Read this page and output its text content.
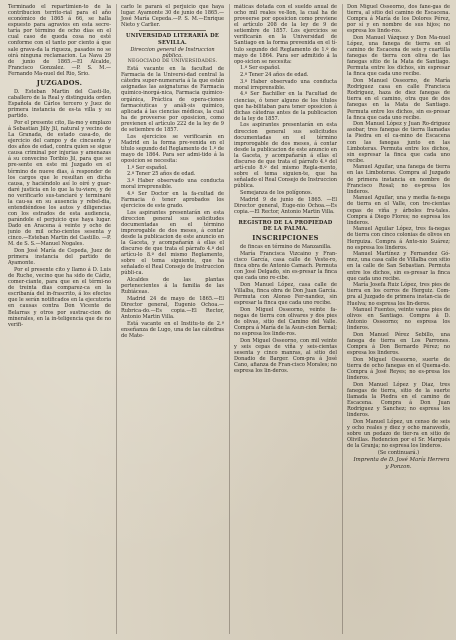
Terminado el repartimien-to de la contribucion territo-rial para el año económico de 1865 á 66, se halla espuesto para agravios en esta secre-taría por término de ocho dias en el cual caso de queda cosa no esté conforme con el tanto por ciento á que sale grava-da la riqueza, pasados no se oirá ninguna reclamacion. La Nava 29 de junio de 1865.—El Alcalde, Francisco Gonzalez. —P. S. M.—Fernando Ma-nuel del Rio, Srio.

JUZGADOS.

D. Esteban Martin del Casti-llo, caballero de la Real y distinguida orden Española de Cárlos tercero y Juez de primera instancia de es-ta villa y su partido.

Por el presente cito, lla-mo y emplazo á Sebastian Jilly Jil, natural y vecino de La Granada, de estado casa-do, de ejercicio del campo y de cincuenta y dos años de edad, contra quien se sigue causa criminal por injurias y amenazas á su convecino Toribio Jil, para que se pre-sente en este mi Juzgado en el término de nueve dias, á responder de los cargos que le resultan en dicha causa, y haciéndolo así lo oiré y guar-daré justicia en lo que la tu-viere, y de no verificarlo sus-tanciaré y terminaré la cau-sa en su ausencia y rebel-dia, entendiéndose los autos y diligencias con los estrados de esta audiencia, parándole el perjuicio que haya lugar. Dado en Aracena á veinte y ocho de junio de mil ocho-cientos sesenta y cinco.—Esteban Martin del Castillo. —P. M. de S. S.—Manuel Nogales.

Don José María de Cepeda, Juez de primera instancia del partido de Ayamonte.

Por el presente cito y llamo á D. Luis de Ruche, vecino que ha sido de Cádiz, comer-ciante, para que en el térmi-no de treinta dias comparez-ca en la escribanía del in-frascrito, á los efectos que le serán notificados en la ejecutoria en causas contra Don Vicente de Belarras y otros por sustrac-cion de minerales, en la in-teligencia que de no verifi-

carlo le parará el perjuicio que haya lugar. Ayamonte 30 de junio de 1865.—José María Cepeda.—P. S. M.—Enrique Nieto y Carlier.

UNIVERSIDAD LITERARIA DE SEVILLA.

Direccion general de Instruccion pública.

NEGOCIADO DE UNIVERSIDADES.

Está vacante en la facultad de Farmacia de la Universi-dad central la cátedra super-numeraria á la que están asignadas las asignaturas de Farmacia químico-inorgá-nica, Farmacia químico-orgánica, Práctica de opera-ciones farmacéuticas y análi-sis químico, aplicada á las ciencias médicas, la cual ha de proveerse por oposicion, como previenen el artículo 222 de la ley de 9 de setiembre de 1857.

Los ejercicios se verificarán en Madrid en la forma pre-venida en el título segundo del Reglamento de 1.º de mayo de 1864. Para ser admi-tido á la oposicion se necesita:

1.º Ser español.

2.º Tener 25 años de edad.

3.º Haber observado una conducta moral irreprensible.

4.º Ser Doctor en la fa-cultad de Farmacia ó tener aprobados los ejercicios de este grado.

Los aspirantes presentarán en esta direccion general sus solicitudes documentadas en el término improrogable de dos meses, á contar desde la publicacion de este anuncio en la Gaceta, y acompañarán á ellas el discurso de que trata el párrafo 4.º del artícu-lo 8.º del mismo Reglamento, sobre el tema siguiente, que ha señalado el Real Consejo de Instruccion públi-ca.

Alcaldes de las plantas pertenecientes á la familia de las Rubiáceas.

Madrid 24 de mayo de 1865.—El Director general, Eugenio Ochoa.—Rubrica-do.—Es copia.—El Rector, Antonio Martin Villa.

Está vacante en el Institu-to de 2.ª enseñanza de Lugo, una de las cátedras de Mate-

máticas dotada con el sueldo anual de ocho mil reales ve-llon, la cual ha de proveerse por oposicion como previene el artículo 208 de la ley de 9 de setiembre de 1857. Los ejercicios se verificarán en la Universidad de Santiago en la forma prevenida en el tí-tulo segundo del Reglamento de 1.º de mayo de 1864. Para ser admitido á la opo-sicion se necesita:

1.º Ser español.

2.º Tener 24 años de edad.

3.º Haber observado una conducta moral irreprensible.

4.º Ser Bachiller en la Facultad de ciencias, ó tener alguno de los títulos que ha-bilitaban para tener oposicion á dichas cátedras antes de la publicacion de la ley de 1857.

Los aspirantes presentarán en esta direccion general sus solicitudes documentadas en el término improrogable de dos meses, á contar desde la publicacion de este anuncio en la Gaceta, y acompañarán á ellas el discurso de que trata el párrafo 4.º del artí-culo 8.º del mismo Regla-mento, sobre el tema siguien-te, que ha señalado el Real Consejo de Instruccion pública.

Semejanza de los polígonos.

Madrid 9 de junio de 1865. —El Director general, Euge-nio Ochoa.—Es copia.—El Rector, Antonio Martin Villa.

REGISTRO DE LA PROPIEDAD DE LA PALMA.
INSCRIPCIONES

de fincas en término de Manzanilla.

María Francisca Vizcaino y Fran-cisco García, casa calle de Veste-ro, finca obra de Antonio Camach. Permuta con José Delgado, sin es-presar la finca que cada uno re-cibe.

Don Manuel López, casa calle de Villalba, finca obra de Don Juan García. Permuta con Alonso Fer-nandez, sin espresar la finca que cada uno recibe.

Don Miguel Osseorno, veinte fa-negas de tierra con olivares y dos pies de olivas, sitio del Camino del Valle. Compra á María de la Asun-cion Bernal; no espresa los linde-ros.

Don Miguel Osseorno, con mil veinte y seis cepas de viña y seis-cientas sesenta y cinco manras, al sitio del Donadio de Barger. Com-pra á José Cano, afianza de Fran-cisco Morales; no espresa los lin-deros.

Don Miguel Osseorno, dos fane-gas de tierra, al sitio del camino de Escacena. Compra á María de los Dolores Pérez, por sí y en nombre de sus hijos; no espresa los linde-ros.

Don Manuel Vázquez y Don Ma-nuel López, una fanega de tierra en el camino de Escacena de seis y cuartilla fanegas de tierra con oliva de las fanegas sitio de la Mata de Santiago. Permuta entre los dichos, sin espresar la finca que cada uno recibe.

Don Manuel Osseorno, de María Rodriguez casa en calle Francisca Rodriguez, haza de diez fanegas de tierra en el camino, otra que de dos fanegas en la Mata de Santiago. Permuta entre los dichos, sin es-presar la finca que cada uno recibe.

Don Manuel López y Juan Ro-driguez asobar, tres fanegas de tierra llamadas la Piedra en el ca-mino de Escacena con las fanegas junto en las Limboteras. Permuta entre los dichos, sin espresar la finca que cada uno recibe.

Manuel Aguilar, una fanega de tierra en las Limboteras. Compra al Juzgado de primera instancia en nombre de Francisco Rosal; no es-presa los linderos.

Manuel Aguilar, una y media fa-nega de tierra en el Valle, con tre-cientas cepas de viña y árboles fru-tales. Compra á Diego Flores; no espresa los linderos.

Manuel Aguilar López, tres fa-negas de tierra con cinco colonias de olivos en Herguiza. Compra á Anto-nio Suárez; no espresa los linderos.

Manuel Martínez y Fernandez Gó-mez, una casa calle de Villalba con sitio en la calle de San Sebastian. Permuta entre los dichos, sin es-presar la finca que cada uno recibe.

María Josefa Ruiz López, tres pies de tierra en los cerros de Herguiz. Com-pra al Juzgado de primera instan-cia de Huelva; no espresa los lin-deros.

Manuel Fuentes, veinte varas pies de olivos en Santiago. Compra á D. Antonio Osseorno; no espresa los linderos.

Don Manuel Pérez Sebillo, una fanega de tierra en Los Parrones. Compra á Don Bernardo Pérez; no espresa los linderos.

Don Miguel Osseorno, suerte de tierra de ocho fanegas en el Quema-do. Compra á José Reyes; no es-presa los linderos.

Don Manuel López y Diaz, tres fanegas de tierra, sitio de la suerte llamada la Piedra en el camino de Escacena. Compra á Don Juan Rodriguez y Sanchez; no espresa los linderos.

Don Manuel López, un censo de seis y ocho reales y diez y ocho maravedís, sobre un pedazo de tier-ra en sitio de Olivillas. Redencion por el Sr. Marqués de la Granja; no espresa los linderos.

(Se continuará.)

Imprenta de D. José María Herrera y Ponzon.
